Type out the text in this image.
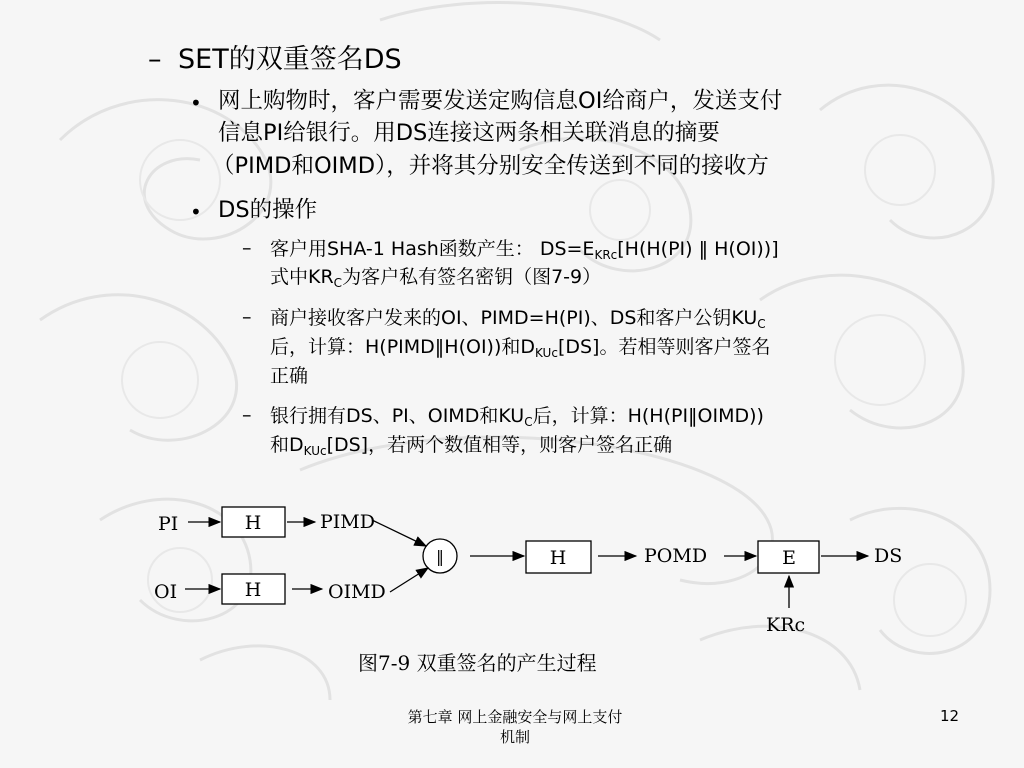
– SET的双重签名DS
• 网上购物时，客户需要发送定购信息OI给商户，发送支付
信息PI给银行。用DS连接这两条相关联消息的摘要
（PIMD和OIMD），并将其分别安全传送到不同的接收方
• DS的操作
– 客户用SHA-1 Hash函数产生： $DS=E_{KRc}[H(H(PI)$ ‖ H(OI))]
式中$KR_C$为客户私有签名密钥（图7-9）
– 商户接收客户发来的OI、PIMD=H(PI)、DS和客户公钥$KU_C$
后，计算：H(PIMD‖H(OI))和$D_{KUc}[DS]$。若相等则客户签名
正确
– 银行拥有DS、PI、OIMD和$KU_C$后，计算：H(H(PI‖OIMD))
和$D_{KUc}[DS]$，若两个数值相等，则客户签名正确
PI
OI
PIMD
OIMD
POMD	DS
KRc
H
H
H	E
‖
图7-9 双重签名的产生过程
第七章 网上金融安全与网上支付
机制
12
